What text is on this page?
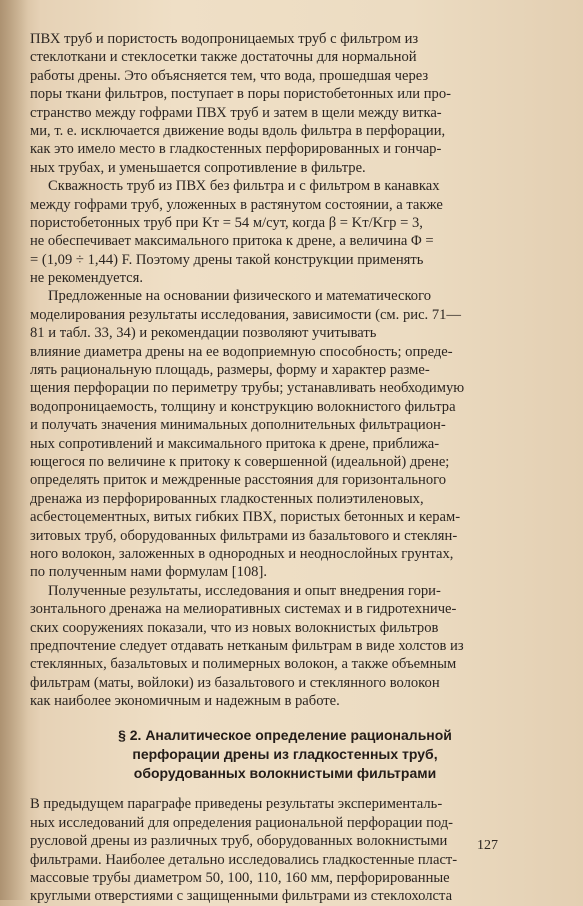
ПВХ труб и пористость водопроницаемых труб с фильтром из
стеклоткани и стеклосетки также достаточны для нормальной
работы дрены. Это объясняется тем, что вода, прошедшая через
поры ткани фильтров, поступает в поры пористобетонных или про-
странство между гофрами ПВХ труб и затем в щели между витка-
ми, т. е. исключается движение воды вдоль фильтра в перфорации,
как это имело место в гладкостенных перфорированных и гончар-
ных трубах, и уменьшается сопротивление в фильтре.
Скважность труб из ПВХ без фильтра и с фильтром в канавках
между гофрами труб, уложенных в растянутом состоянии, а также
пористобетонных труб при Kт = 54 м/сут, когда β = Kт/Kгр = 3,
не обеспечивает максимального притока к дрене, а величина Φ =
= (1,09 ÷ 1,44) F. Поэтому дрены такой конструкции применять
не рекомендуется.
Предложенные на основании физического и математического
моделирования результаты исследования, зависимости (см. рис. 71—
81 и табл. 33, 34) и рекомендации позволяют учитывать
влияние диаметра дрены на ее водоприемную способность; опреде-
лять рациональную площадь, размеры, форму и характер разме-
щения перфорации по периметру трубы; устанавливать необходимую
водопроницаемость, толщину и конструкцию волокнистого фильтра
и получать значения минимальных дополнительных фильтрацион-
ных сопротивлений и максимального притока к дрене, приближа-
ющегося по величине к притоку к совершенной (идеальной) дрене;
определять приток и междренные расстояния для горизонтального
дренажа из перфорированных гладкостенных полиэтиленовых,
асбестоцементных, витых гибких ПВХ, пористых бетонных и керам-
зитовых труб, оборудованных фильтрами из базальтового и стеклян-
ного волокон, заложенных в однородных и неоднослойных грунтах,
по полученным нами формулам [108].
Полученные результаты, исследования и опыт внедрения гори-
зонтального дренажа на мелиоративных системах и в гидротехниче-
ских сооружениях показали, что из новых волокнистых фильтров
предпочтение следует отдавать нетканым фильтрам в виде холстов из
стеклянных, базальтовых и полимерных волокон, а также объемным
фильтрам (маты, войлоки) из базальтового и стеклянного волокон
как наиболее экономичным и надежным в работе.
§ 2. Аналитическое определение рациональной
перфорации дрены из гладкостенных труб,
оборудованных волокнистыми фильтрами
В предыдущем параграфе приведены результаты эксперименталь-
ных исследований для определения рациональной перфорации под-
русловой дрены из различных труб, оборудованных волокнистыми
фильтрами. Наиболее детально исследовались гладкостенные пласт-
массовые трубы диаметром 50, 100, 110, 160 мм, перфорированные
круглыми отверстиями с защищенными фильтрами из стеклохолста
127
